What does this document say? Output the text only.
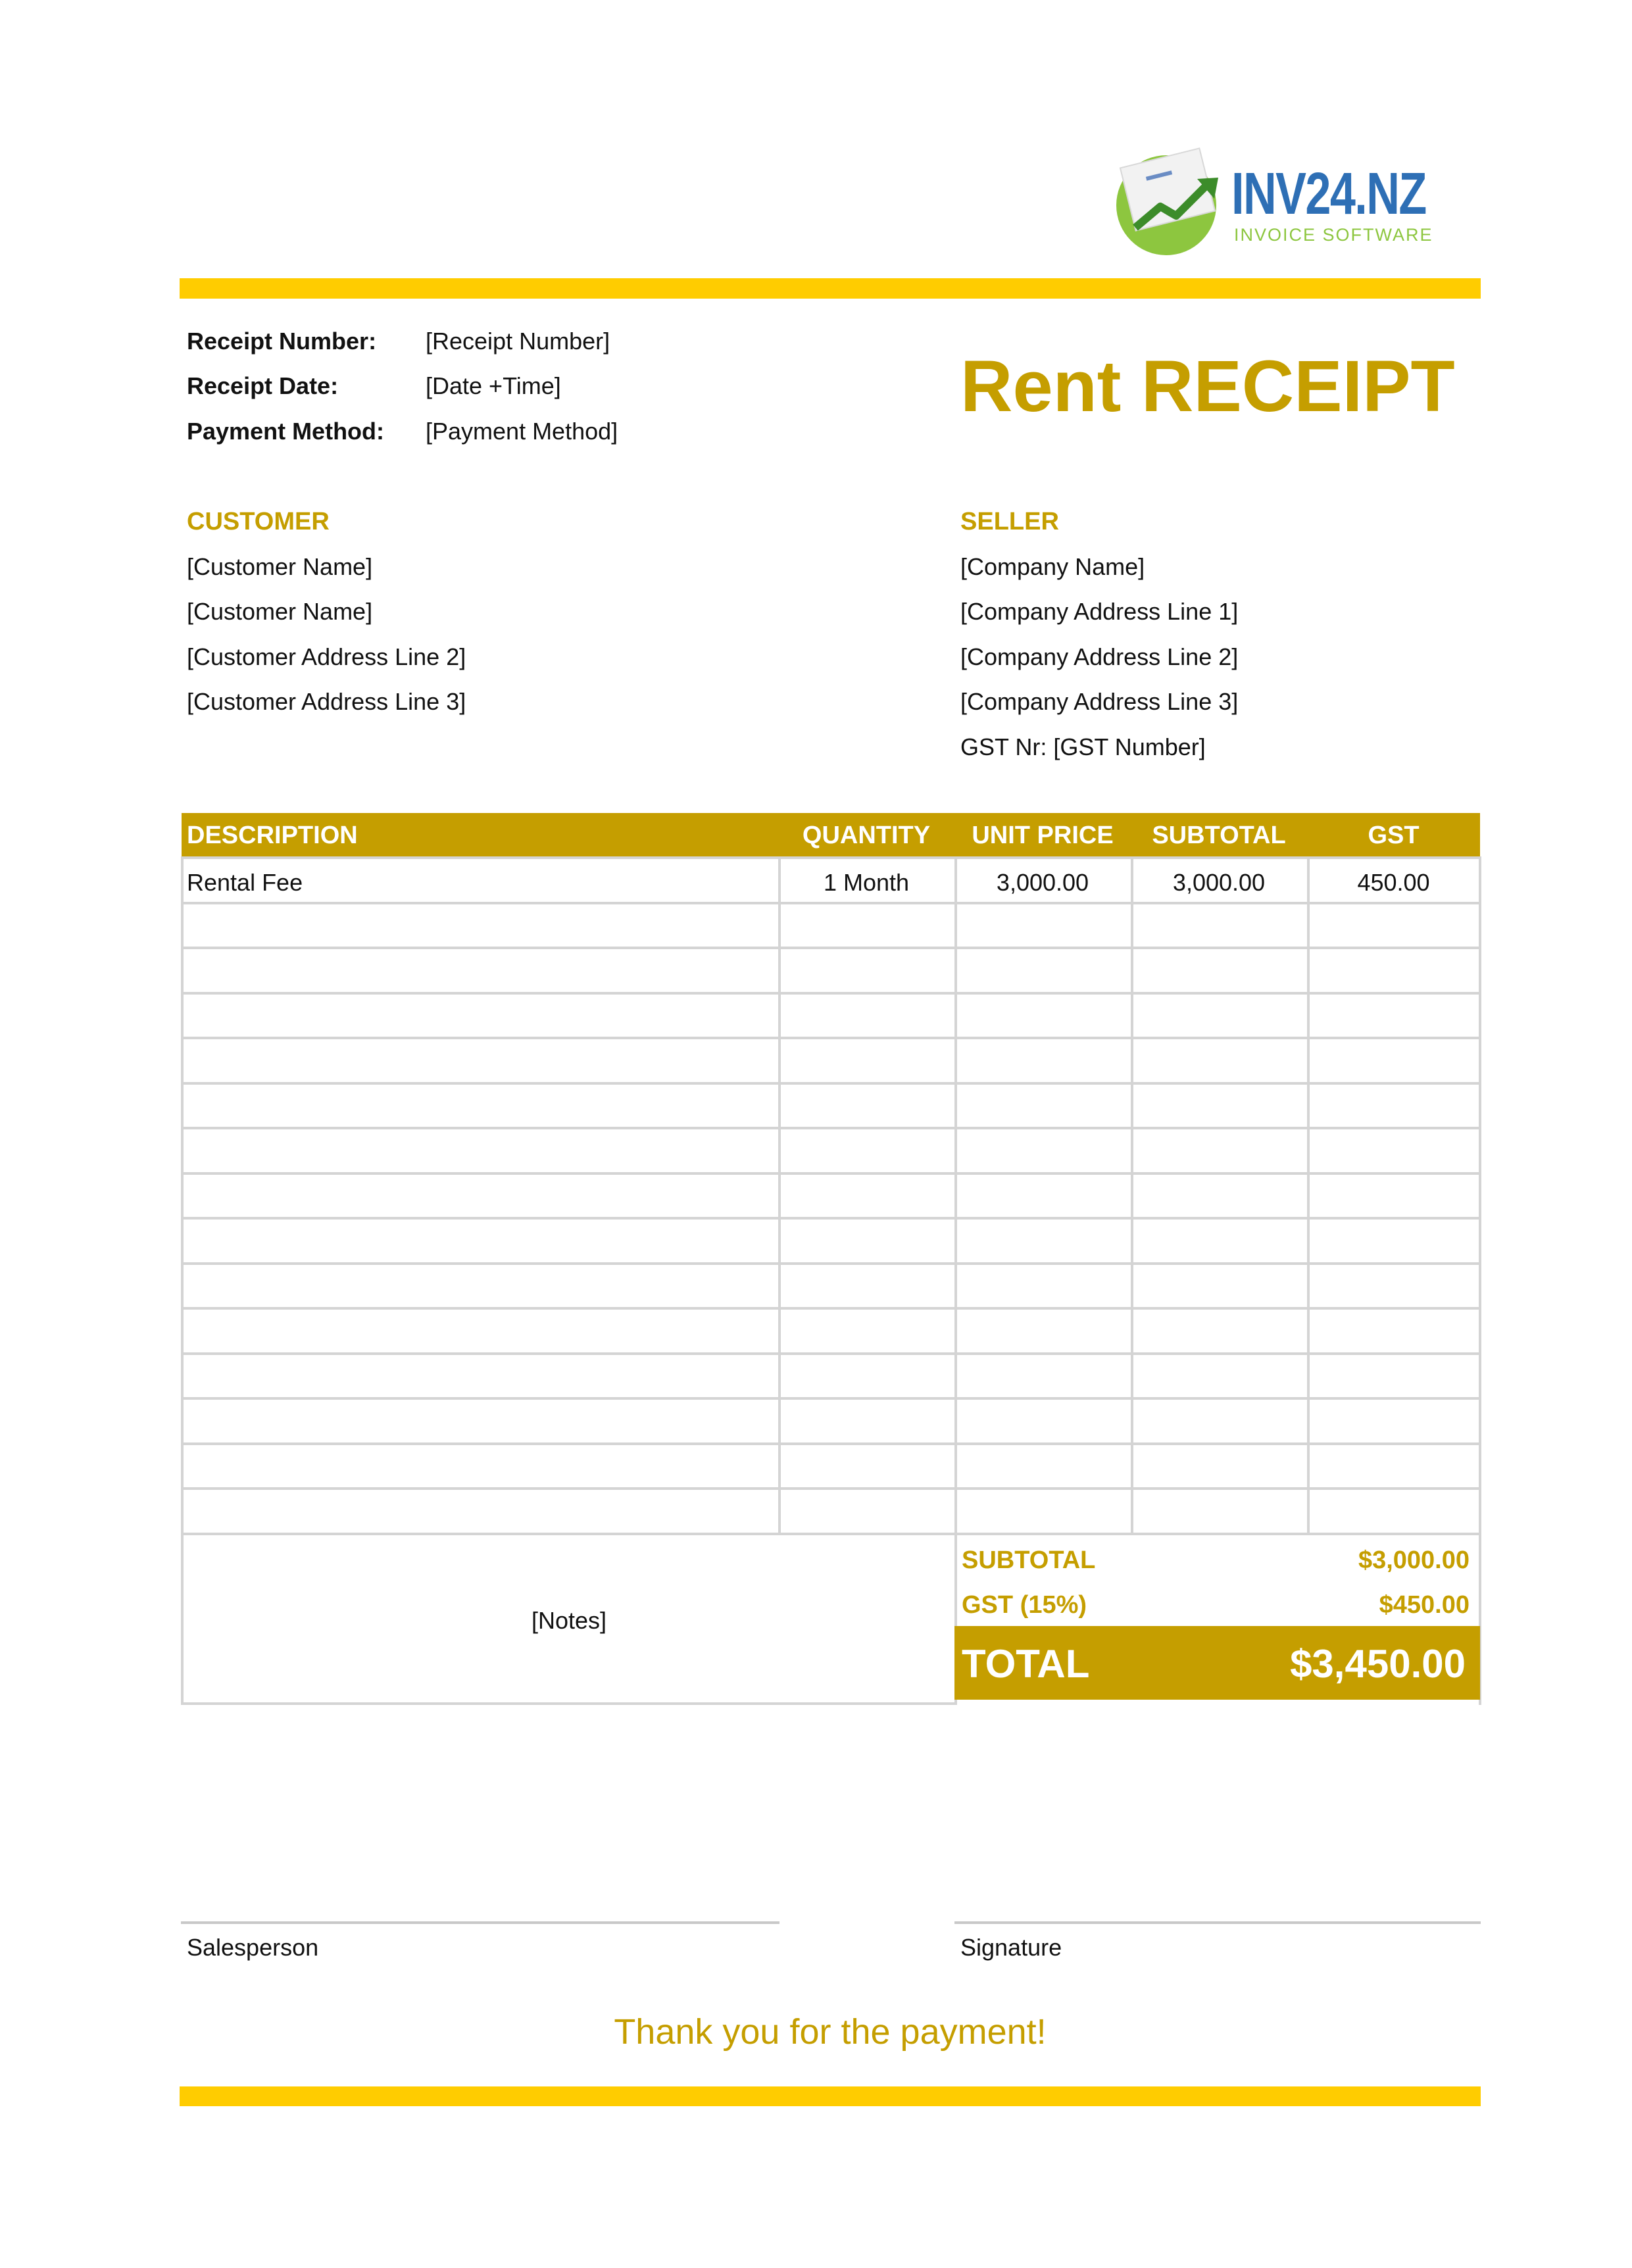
INV24.NZ
INVOICE SOFTWARE
Receipt Number: [Receipt Number]
Receipt Date:	[Date +Time]
Payment Method: [Payment Method]
Rent RECEIPT
CUSTOMER
[Customer Name]
[Customer Name]
[Customer Address Line 2]
[Customer Address Line 3]
SELLER
[Company Name]
[Company Address Line 1]
[Company Address Line 2]
[Company Address Line 3]
GST Nr: [GST Number]
DESCRIPTION	QUANTITY	UNIT PRICE	SUBTOTAL	GST
Rental Fee	1 Month	3,000.00	3,000.00	450.00
[Notes]
SUBTOTAL	$3,000.00
GST (15%)	$450.00
TOTAL	$3,450.00
Salesperson	Signature
Thank you for the payment!
